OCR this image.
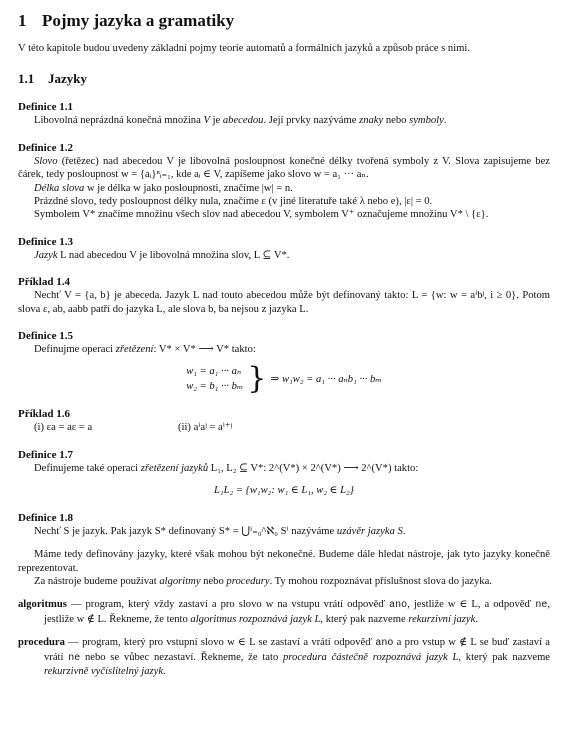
1 Pojmy jazyka a gramatiky

V této kapitole budou uvedeny základní pojmy teorie automatů a formálních jazyků a způsob práce s nimi.

1.1 Jazyky
Definice 1.1

Libovolná neprázdná konečná množina V je abecedou. Její prvky nazýváme znaky nebo symboly.

Definice 1.2

Slovo (řetězec) nad abecedou V je libovolná posloupnost konečné délky tvořená symboly z V. Slova zapisujeme bez čárek, tedy posloupnost w = {aᵢ}ⁿᵢ₌₁, kde aᵢ ∈ V, zapíšeme jako slovo w = a₁ ··· aₙ.

Délka slova w je délka w jako posloupnosti, značíme |w| = n.

Prázdné slovo, tedy posloupnost délky nula, značíme ε (v jiné literatuře také λ nebo e), |ε| = 0.

Symbolem V* značíme množinu všech slov nad abecedou V, symbolem V⁺ označujeme množinu V* \ {ε}.

Definice 1.3

Jazyk L nad abecedou V je libovolná množina slov, L ⊆ V*.

Příklad 1.4

Nechť V = {a, b} je abeceda. Jazyk L nad touto abecedou může být definovaný takto: L = {w: w = aⁱbʲ, i ≥ 0}. Potom slova ε, ab, aabb patří do jazyka L, ale slova b, ba nejsou z jazyka L.

Definice 1.5

Definujme operaci zřetězení: V* × V* ⟶ V* takto:

w₁ = a₁ ··· aₙ
w₂ = b₁ ··· bₘ } ⇒ w₁w₂ = a₁ ··· aₙb₁ ··· bₘ
Příklad 1.6
(i) εa = aε = a	(ii) aⁱaʲ = aⁱ⁺ʲ
Definice 1.7

Definujeme také operaci zřetězení jazyků L₁, L₂ ⊆ V*: 2^(V*) × 2^(V*) ⟶ 2^(V*) takto:

L₁L₂ = {w₁w₂: w₁ ∈ L₁, w₂ ∈ L₂}

Definice 1.8

Nechť S je jazyk. Pak jazyk S* definovaný S* = ⋃ⁱ₌₀^ℵ₀ Sⁱ nazýváme uzávěr jazyka S.

Máme tedy definovány jazyky, které však mohou být nekonečné. Budeme dále hledat nástroje, jak tyto jazyky konečně reprezentovat.

Za nástroje budeme používat algoritmy nebo procedury. Ty mohou rozpoznávat příslušnost slova do jazyka.

algoritmus — program, který vždy zastaví a pro slovo w na vstupu vrátí odpověď ano, jestliže w ∈ L, a odpověď ne, jestliže w ∉ L. Řekneme, že tento algoritmus rozpoznává jazyk L, který pak nazveme rekurzivní jazyk.

procedura — program, který pro vstupní slovo w ∈ L se zastaví a vrátí odpověď ano a pro vstup w ∉ L se buď zastaví a vrátí ne nebo se vůbec nezastaví. Řekneme, že tato procedura částečně rozpoznává jazyk L, který pak nazveme rekurzivně vyčíslitelný jazyk.
